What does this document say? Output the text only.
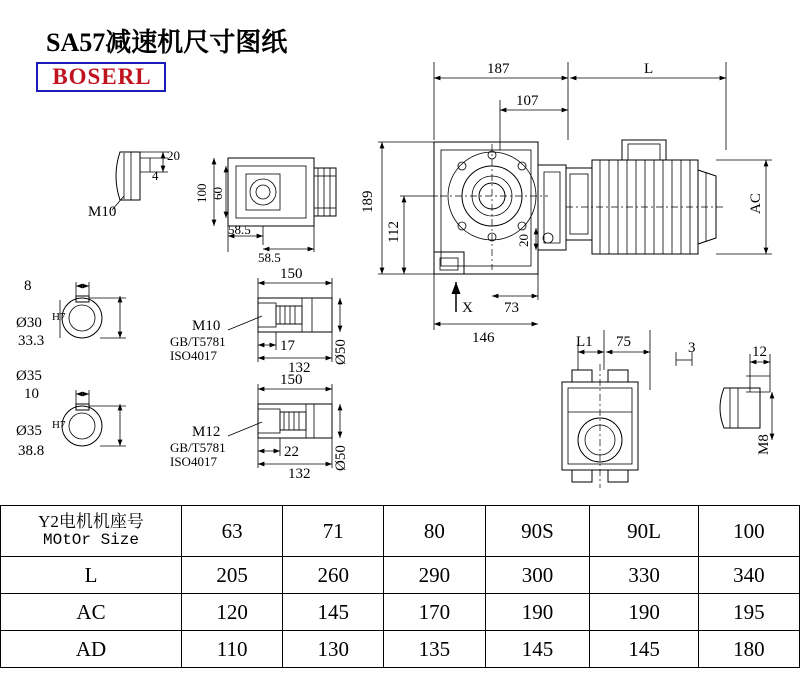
SA57减速机尺寸图纸
BOSERL
20
4
M10
100 60
58.5
58.5
8
Ø30 H7
33.3
Ø35
10
Ø35 H7
38.8
150
17
132
Ø50
M10
GB/T5781
ISO4017
150
22
132
Ø50
M12
GB/T5781
ISO4017
187	L
107
189
112	20
AC
X 73
146	L1 75	3	12
M8
Y2电机机座号
MOtOr Size	63	71	80	90S	90L	100
L	205	260	290	300	330	340
AC	120	145	170	190	190	195
AD	110	130	135	145	145	180
